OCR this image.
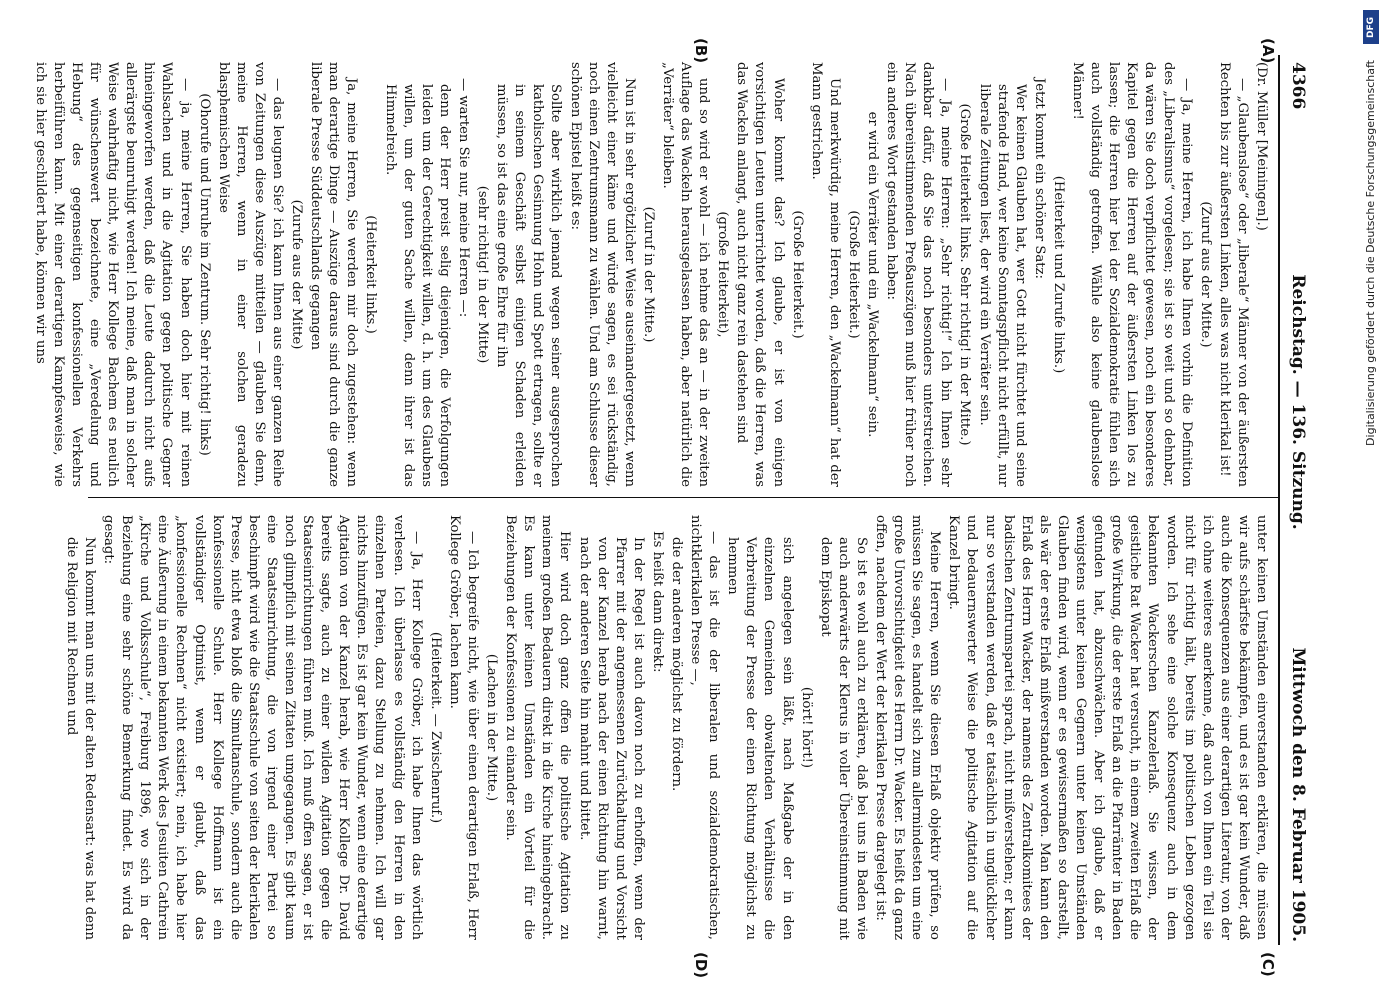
4366
Reichstag. — 136. Sitzung.
Mittwoch den 8. Februar 1905.
(A)
(B)
(C)
(D)

(Dr. Müller [Meiningen].)

— „Glaubenslose“ oder „liberale“ Männer von der äußersten Rechten bis zur äußersten Linken, alles was nicht klerikal ist!

(Zuruf aus der Mitte.)

— Ja, meine Herren, ich habe Ihnen vorhin die Definition des „Liberalismus“ vorgelesen; sie ist so weit und so dehnbar, da wären Sie doch verpflichtet gewesen, noch ein besonderes Kapitel gegen die Herren auf der äußersten Linken los zu lassen; die Herren hier bei der Sozialdemokratie fühlen sich auch vollständig getroffen. Wähle also keine glaubenslose Männer!

(Heiterkeit und Zurufe links.)

Jetzt kommt ein schöner Satz:

Wer keinen Glauben hat, wer Gott nicht fürchtet und seine strafende Hand, wer keine Sonntagspflicht nicht erfüllt, nur liberale Zeitungen liest, der wird ein Verräter sein.

(Große Heiterkeit links. Sehr richtig! in der Mitte.)

— Ja, meine Herren: „Sehr richtig!“ Ich bin Ihnen sehr dankbar dafür, daß Sie das noch besonders unterstreichen. Nach übereinstimmenden Preßauszügen muß hier früher noch ein anderes Wort gestanden haben:

er wird ein Verräter und ein „Wackelmann“ sein.

(Große Heiterkeit.)

Und merkwürdig, meine Herren, den „Wackelmann“ hat der Mann gestrichen.

(Große Heiterkeit.)

Woher kommt das? Ich glaube, er ist von einigen vorsichtigen Leuten unterrichtet worden, daß die Herren, was das Wackeln anlangt, auch nicht ganz rein dastehen sind

(große Heiterkeit),

und so wird er wohl — ich nehme das an — in der zweiten Auflage das Wackeln herausgelassen haben, aber natürlich die „Verräter“ bleiben.

(Zuruf in der Mitte.)

Nun ist in sehr ergötzlicher Weise auseinandergesetzt, wenn vielleicht einer käme und würde sagen, es sei rückständig, noch einen Zentrumsmann zu wählen. Und am Schlusse dieser schönen Epistel heißt es:

Sollte aber wirklich jemand wegen seiner ausgesprochen katholischen Gesinnung Hohn und Spott ertragen, sollte er in seinem Geschäft selbst einigen Schaden erleiden müssen, so ist das eine große Ehre für ihn

(sehr richtig! in der Mitte)

— warten Sie nur, meine Herren —:

denn der Herr preist selig diejenigen, die Verfolgungen leiden um der Gerechtigkeit willen, d. h. um des Glaubens willen, um der guten Sache willen, denn ihrer ist das Himmelreich.

(Heiterkeit links.)

Ja, meine Herren, Sie werden mir doch zugestehen: wenn man derartige Dinge — Auszüge daraus sind durch die ganze liberale Presse Süddeutschlands gegangen

(Zurufe aus der Mitte)

— das leugnen Sie? ich kann Ihnen aus einer ganzen Reihe von Zeitungen diese Auszüge mitteilen — glauben Sie denn, meine Herren, wenn in einer solchen geradezu blasphemischen Weise

(Ohorufe und Unruhe im Zentrum. Sehr richtig! links)

— ja, meine Herren, Sie haben doch hier mit reinen Wahlsachen und in die Agitation gegen politische Gegner hineingeworfen werden, daß die Leute dadurch nicht aufs allerärgste beunruhigt werden! Ich meine, daß man in solcher Weise wahrhaftig nicht, wie Herr Kollege Bachem es neulich für wünschenswert bezeichnete, eine „Veredelung und Hebung“ des gegenseitigen konfessionellen Verkehrs herbeiführen kann. Mit einer derartigen Kampfesweise, wie ich sie hier geschildert habe, können wir uns

unter keinen Umständen einverstanden erklären, die müssen wir aufs schärfste bekämpfen, und es ist gar kein Wunder, daß auch die Konsequenzen aus einer derartigen Literatur, von der ich ohne weiteres anerkenne, daß auch von Ihnen ein Teil sie nicht für richtig hält, bereits im politischen Leben gezogen worden. Ich sehe eine solche Konsequenz auch in dem bekannten Wackerschen Kanzelerlaß. Sie wissen, der geistliche Rat Wacker hat versucht, in einem zweiten Erlaß die große Wirkung, die der erste Erlaß an die Pfarrämter in Baden gefunden hat, abzuschwächen. Aber ich glaube, daß er wenigstens unter keinen Gegnern unter keinen Umständen Glauben finden wird, wenn er es gewissermaßen so darstellt, als wär der erste Erlaß mißverstanden worden. Man kann den Erlaß des Herrn Wacker, der namens des Zentralkomitees der badischen Zentrumspartei sprach, nicht mißverstehen; er kann nur so verstanden werden, daß er tatsächlich in unglücklicher und bedauernswerter Weise die politische Agitation auf die Kanzel bringt.

Meine Herren, wenn Sie diesen Erlaß objektiv prüfen, so müssen Sie sagen, es handelt sich zum allermindesten um eine große Unvorsichtigkeit des Herrn Dr. Wacker. Es heißt da ganz offen, nachdem der Wert der klerikalen Presse dargelegt ist:

So ist es wohl auch zu erklären, daß bei uns in Baden wie auch anderwärts der Klerus in voller Übereinstimmung mit dem Episkopat

(hört! hört!)

sich angelegen sein läßt, nach Maßgabe der in den einzelnen Gemeinden obwaltenden Verhältnisse die Verbreitung der Presse der einen Richtung möglichst zu hemmen

— das ist die der liberalen und sozialdemokratischen, nichtklerikalen Presse —,

die der anderen möglichst zu fördern.

Es heißt dann direkt:

In der Regel ist auch davon noch zu erhoffen, wenn der Pfarrer mit der angemessenen Zurückhaltung und Vorsicht von der Kanzel herab nach der einen Richtung hin warnt, nach der anderen Seite hin mahnt und bittet.

Hier wird doch ganz offen die politische Agitation zu meinem großen Bedauern direkt in die Kirche hineingebracht. Es kann unter keinen Umständen ein Vorteil für die Beziehungen der Konfessionen zu einander sein.

(Lachen in der Mitte.)

— Ich begreife nicht, wie über einen derartigen Erlaß, Herr Kollege Gröber, lachen kann.

(Heiterkeit. — Zwischenruf.)

— Ja, Herr Kollege Gröber, ich habe Ihnen das wörtlich verlesen. Ich überlasse es vollständig den Herren in den einzelnen Parteien, dazu Stellung zu nehmen. Ich will gar nichts hinzufügen. Es ist gar kein Wunder, wenn eine derartige Agitation von der Kanzel herab, wie Herr Kollege Dr. David bereits sagte, auch zu einer wilden Agitation gegen die Staatseinrichtungen führen muß. Ich muß offen sagen, er ist noch glimpflich mit seinen Zitaten umgegangen. Es gibt kaum eine Staatseinrichtung, die von irgend einer Partei so beschimpft wird wie die Staatsschule von seiten der klerikalen Presse, nicht etwa bloß die Simultanschule, sondern auch die konfessionelle Schule. Herr Kollege Hoffmann ist ein vollständiger Optimist, wenn er glaubt, daß das „konfessionelle Rechnen“ nicht existiert; nein, ich habe hier eine Äußerung in einem bekannten Werk des Jesuiten Cathrein „Kirche und Volksschule“, Freiburg 1896, wo sich in der Beziehung eine sehr schöne Bemerkung findet. Es wird da gesagt:

Nun kommt man uns mit der alten Redensart: was hat denn die Religion mit Rechnen und

DFG
Digitalisierung gefördert durch die Deutsche Forschungsgemeinschaft
